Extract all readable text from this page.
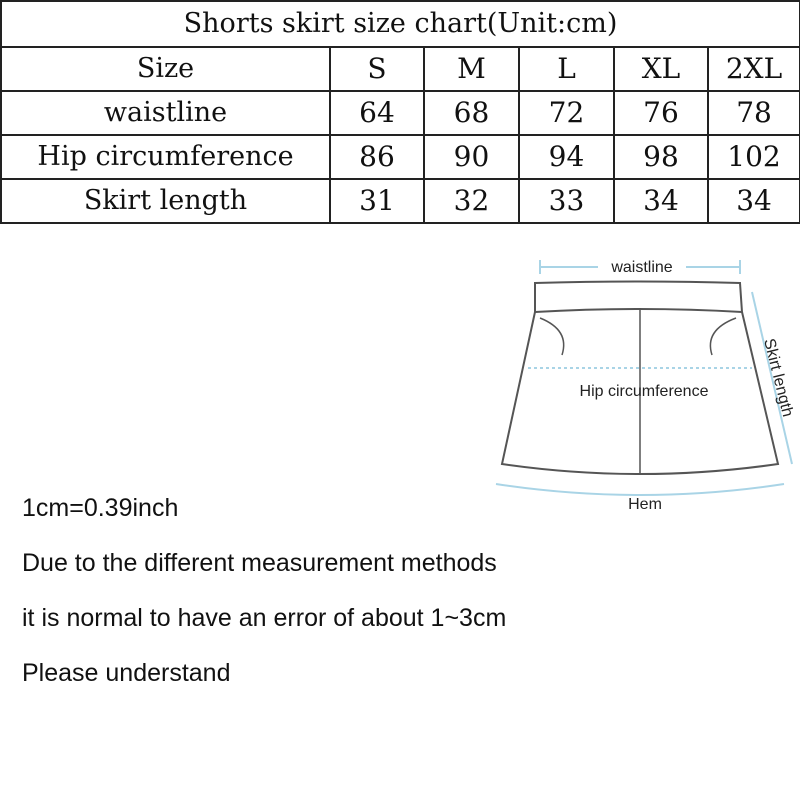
Shorts skirt size chart(Unit:cm)					
Size	S	M	L	XL	2XL
waistline	64	68	72	76	78
Hip circumference	86	90	94	98	102
Skirt length	31	32	33	34	34
waistline
Hip circumference
Hem
Skirt length

1cm=0.39inch

Due to the different measurement methods

it is normal to have an error of about 1~3cm

Please understand
